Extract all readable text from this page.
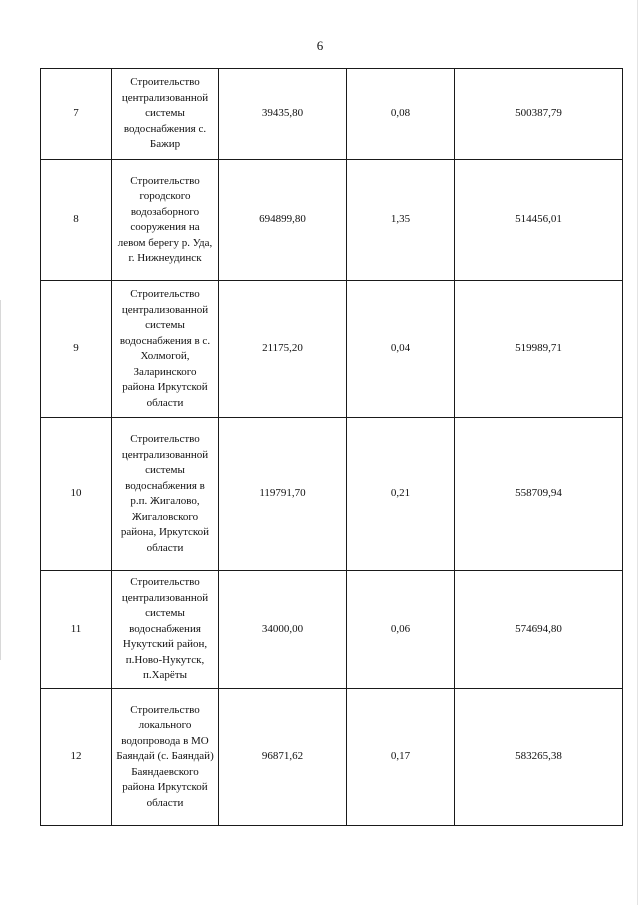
6
7	Строительство централизованной системы водоснабжения с. Бажир	39435,80	0,08	500387,79
8	Строительство городского водозаборного сооружения на левом берегу р. Уда, г. Нижнеудинск	694899,80	1,35	514456,01
9	Строительство централизованной системы водоснабжения в с. Холмогой, Заларинского района Иркутской области	21175,20	0,04	519989,71
10	Строительство централизованной системы водоснабжения в р.п. Жигалово, Жигаловского района, Иркутской области	119791,70	0,21	558709,94
11	Строительство централизованной системы водоснабжения Нукутский район, п.Ново-Нукутск, п.Харёты	34000,00	0,06	574694,80
12	Строительство локального водопровода в МО Баяндай (с. Баяндай) Баяндаевского района Иркутской области	96871,62	0,17	583265,38
